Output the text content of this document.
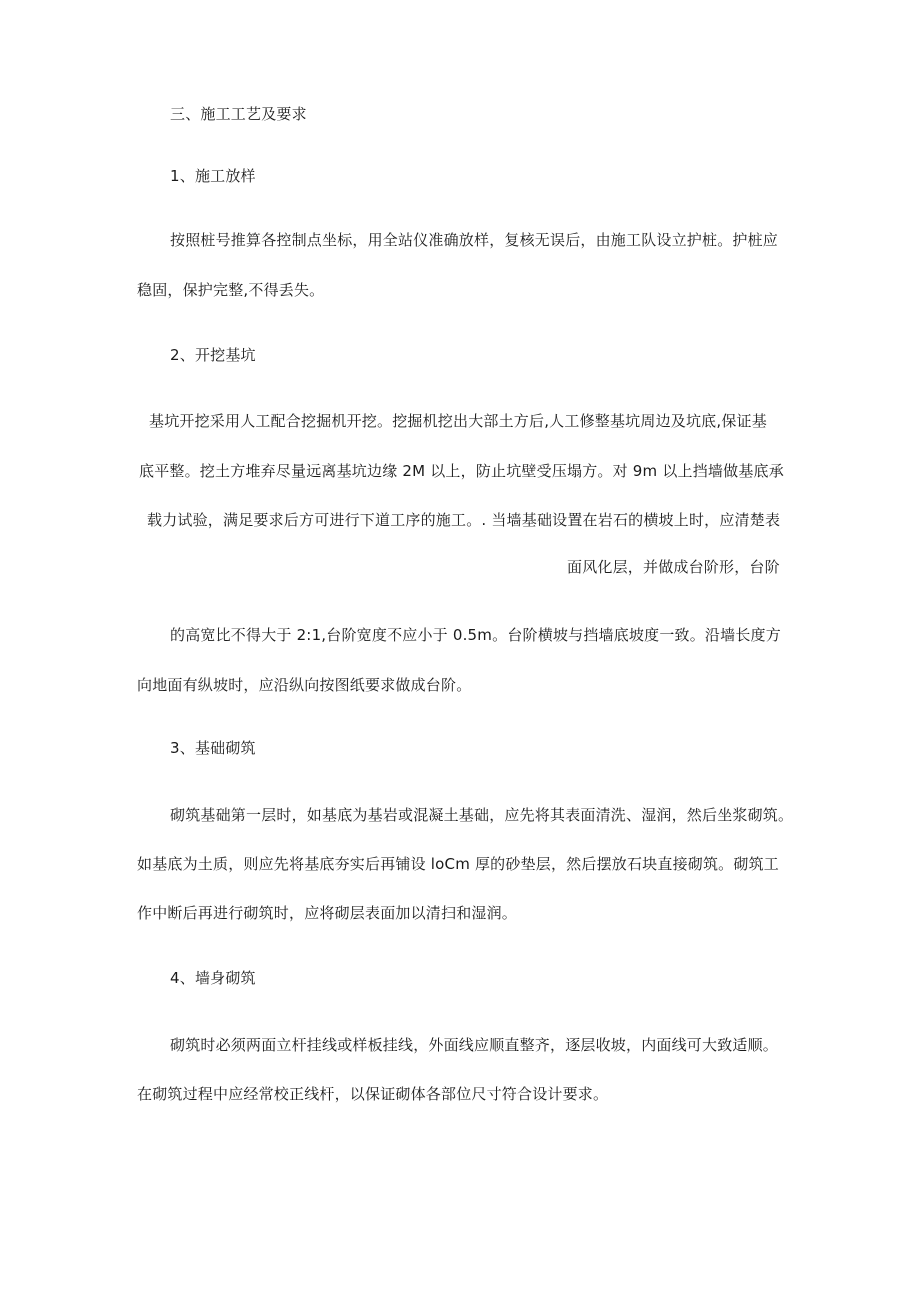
三、施工工艺及要求
1、施工放样
按照桩号推算各控制点坐标，用全站仪准确放样，复核无误后，由施工队设立护桩。护桩应
稳固，保护完整,不得丢失。
2、开挖基坑
基坑开挖采用人工配合挖掘机开挖。挖掘机挖出大部土方后,人工修整基坑周边及坑底,保证基
底平整。挖土方堆弃尽量远离基坑边缘 2M 以上，防止坑壁受压塌方。对 9m 以上挡墙做基底承
载力试验，满足要求后方可进行下道工序的施工。. 当墙基础设置在岩石的横坡上时，应清楚表
面风化层，并做成台阶形，台阶
的高宽比不得大于 2:1,台阶宽度不应小于 0.5m。台阶横坡与挡墙底坡度一致。沿墙长度方
向地面有纵坡时，应沿纵向按图纸要求做成台阶。
3、基础砌筑
砌筑基础第一层时，如基底为基岩或混凝土基础，应先将其表面清洗、湿润，然后坐浆砌筑。
如基底为土质，则应先将基底夯实后再铺设 loCm 厚的砂垫层，然后摆放石块直接砌筑。砌筑工
作中断后再进行砌筑时，应将砌层表面加以清扫和湿润。
4、墙身砌筑
砌筑时必须两面立杆挂线或样板挂线，外面线应顺直整齐，逐层收坡，内面线可大致适顺。
在砌筑过程中应经常校正线杆，以保证砌体各部位尺寸符合设计要求。
